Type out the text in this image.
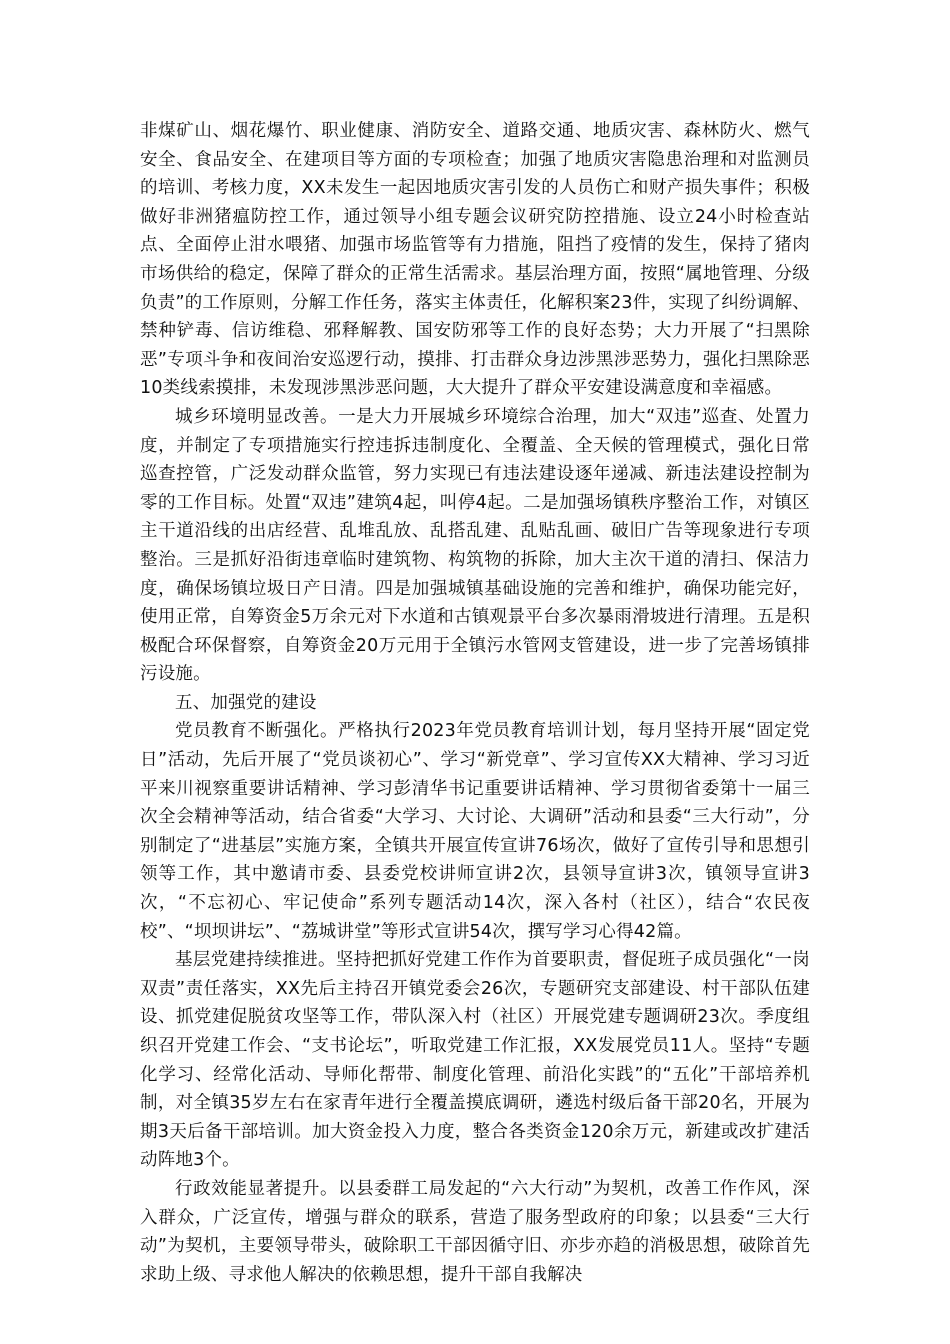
非煤矿山、烟花爆竹、职业健康、消防安全、道路交通、地质灾害、森林防火、燃气安全、食品安全、在建项目等方面的专项检查；加强了地质灾害隐患治理和对监测员的培训、考核力度，XX未发生一起因地质灾害引发的人员伤亡和财产损失事件；积极做好非洲猪瘟防控工作，通过领导小组专题会议研究防控措施、设立24小时检查站点、全面停止泔水喂猪、加强市场监管等有力措施，阻挡了疫情的发生，保持了猪肉市场供给的稳定，保障了群众的正常生活需求。基层治理方面，按照“属地管理、分级负责”的工作原则，分解工作任务，落实主体责任，化解积案23件，实现了纠纷调解、禁种铲毒、信访维稳、邪释解教、国安防邪等工作的良好态势；大力开展了“扫黑除恶”专项斗争和夜间治安巡逻行动，摸排、打击群众身边涉黑涉恶势力，强化扫黑除恶10类线索摸排，未发现涉黑涉恶问题，大大提升了群众平安建设满意度和幸福感。

城乡环境明显改善。一是大力开展城乡环境综合治理，加大“双违”巡查、处置力度，并制定了专项措施实行控违拆违制度化、全覆盖、全天候的管理模式，强化日常巡查控管，广泛发动群众监管，努力实现已有违法建设逐年递减、新违法建设控制为零的工作目标。处置“双违”建筑4起，叫停4起。二是加强场镇秩序整治工作，对镇区主干道沿线的出店经营、乱堆乱放、乱搭乱建、乱贴乱画、破旧广告等现象进行专项整治。三是抓好沿街违章临时建筑物、构筑物的拆除，加大主次干道的清扫、保洁力度，确保场镇垃圾日产日清。四是加强城镇基础设施的完善和维护，确保功能完好，使用正常，自筹资金5万余元对下水道和古镇观景平台多次暴雨滑坡进行清理。五是积极配合环保督察，自筹资金20万元用于全镇污水管网支管建设，进一步了完善场镇排污设施。

五、加强党的建设

党员教育不断强化。严格执行2023年党员教育培训计划，每月坚持开展“固定党日”活动，先后开展了“党员谈初心”、学习“新党章”、学习宣传XX大精神、学习习近平来川视察重要讲话精神、学习彭清华书记重要讲话精神、学习贯彻省委第十一届三次全会精神等活动，结合省委“大学习、大讨论、大调研”活动和县委“三大行动”，分别制定了“进基层”实施方案，全镇共开展宣传宣讲76场次，做好了宣传引导和思想引领等工作，其中邀请市委、县委党校讲师宣讲2次，县领导宣讲3次，镇领导宣讲3次，“不忘初心、牢记使命”系列专题活动14次，深入各村（社区），结合“农民夜校”、“坝坝讲坛”、“荔城讲堂”等形式宣讲54次，撰写学习心得42篇。

基层党建持续推进。坚持把抓好党建工作作为首要职责，督促班子成员强化“一岗双责”责任落实，XX先后主持召开镇党委会26次，专题研究支部建设、村干部队伍建设、抓党建促脱贫攻坚等工作，带队深入村（社区）开展党建专题调研23次。季度组织召开党建工作会、“支书论坛”，听取党建工作汇报，XX发展党员11人。坚持“专题化学习、经常化活动、导师化帮带、制度化管理、前沿化实践”的“五化”干部培养机制，对全镇35岁左右在家青年进行全覆盖摸底调研，遴选村级后备干部20名，开展为期3天后备干部培训。加大资金投入力度，整合各类资金120余万元，新建或改扩建活动阵地3个。

行政效能显著提升。以县委群工局发起的“六大行动”为契机，改善工作作风，深入群众，广泛宣传，增强与群众的联系，营造了服务型政府的印象；以县委“三大行动”为契机，主要领导带头，破除职工干部因循守旧、亦步亦趋的消极思想，破除首先求助上级、寻求他人解决的依赖思想，提升干部自我解决
